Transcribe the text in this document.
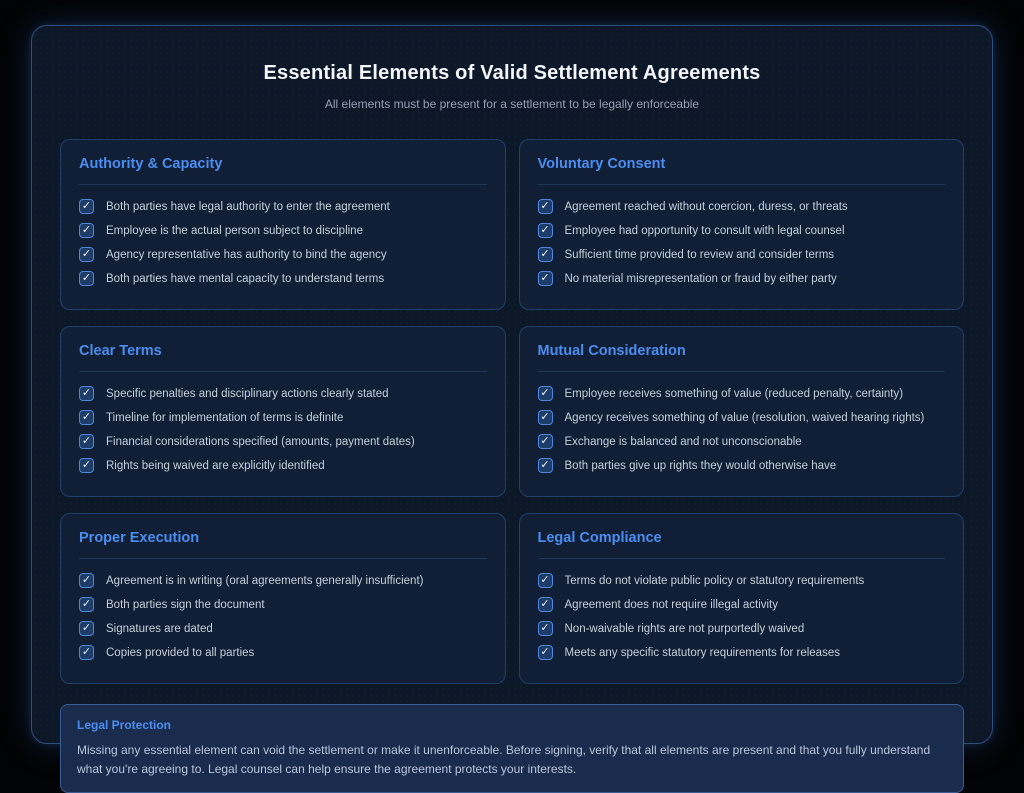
Essential Elements of Valid Settlement Agreements
All elements must be present for a settlement to be legally enforceable
Authority & Capacity
✓ Both parties have legal authority to enter the agreement
✓ Employee is the actual person subject to discipline
✓ Agency representative has authority to bind the agency
✓ Both parties have mental capacity to understand terms
Voluntary Consent
✓ Agreement reached without coercion, duress, or threats
✓ Employee had opportunity to consult with legal counsel
✓ Sufficient time provided to review and consider terms
✓ No material misrepresentation or fraud by either party
Clear Terms
✓ Specific penalties and disciplinary actions clearly stated
✓ Timeline for implementation of terms is definite
✓ Financial considerations specified (amounts, payment dates)
✓ Rights being waived are explicitly identified
Mutual Consideration
✓ Employee receives something of value (reduced penalty, certainty)
✓ Agency receives something of value (resolution, waived hearing rights)
✓ Exchange is balanced and not unconscionable
✓ Both parties give up rights they would otherwise have
Proper Execution
✓ Agreement is in writing (oral agreements generally insufficient)
✓ Both parties sign the document
✓ Signatures are dated
✓ Copies provided to all parties
Legal Compliance
✓ Terms do not violate public policy or statutory requirements
✓ Agreement does not require illegal activity
✓ Non-waivable rights are not purportedly waived
✓ Meets any specific statutory requirements for releases
Legal Protection
Missing any essential element can void the settlement or make it unenforceable. Before signing, verify that all elements are present and that you fully understand what you're agreeing to. Legal counsel can help ensure the agreement protects your interests.
